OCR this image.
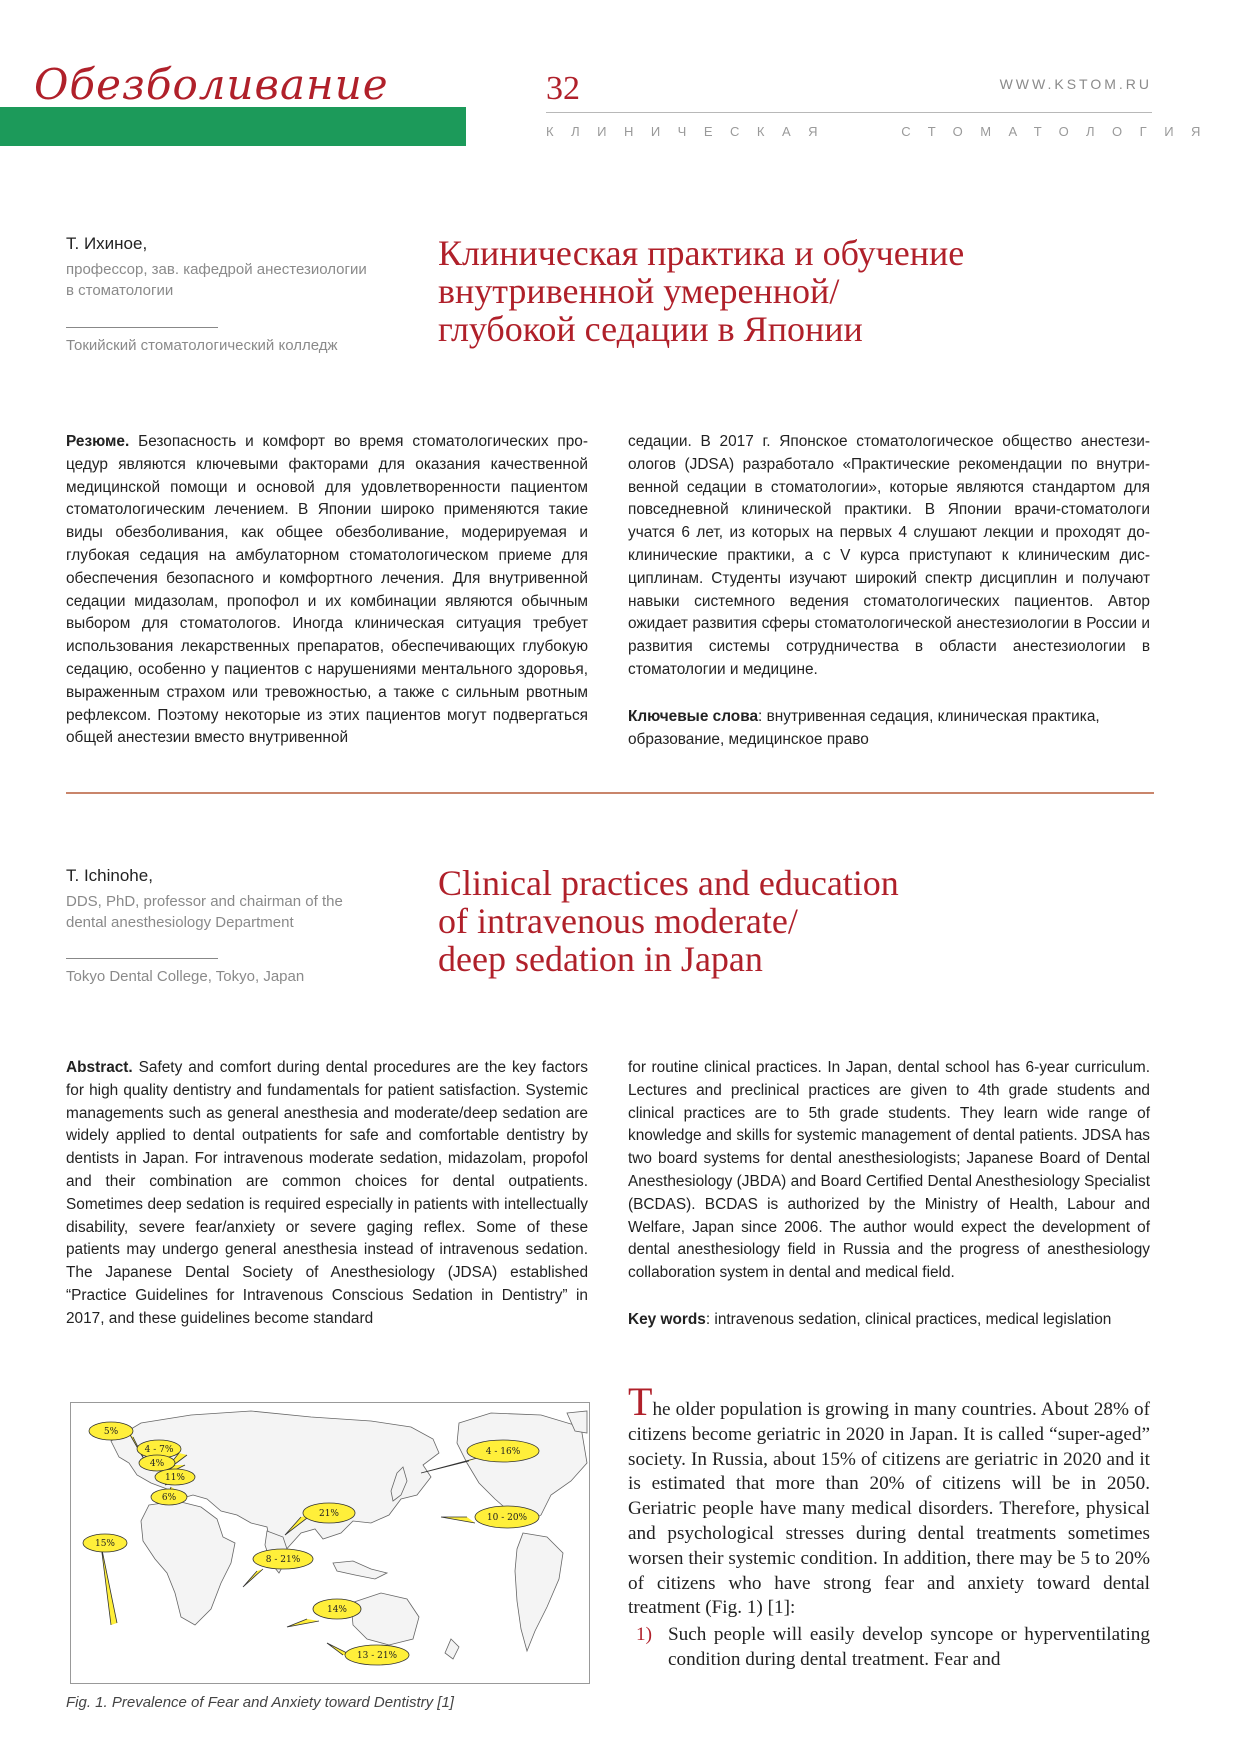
Обезболивание	32	WWW.KSTOM.RU
КЛИНИЧЕСКАЯ	СТОМАТОЛОГИЯ
Т. Ихиное,
профессор, зав. кафедрой анестезиологии
в стоматологии
Токийский стоматологический колледж
Клиническая практика и обучение
внутривенной умеренной/
глубокой седации в Японии
Резюме. Безопасность и комфорт во время стоматологических процедур являются ключевыми факторами для оказания качественной медицинской помощи и основой для удовлетворенности пациентом стоматологическим лечением. В Японии широко применяются такие виды обезболивания, как общее обезболивание, модерируемая и глубокая седация на амбулаторном стоматологическом приеме для обеспечения безопасного и комфортного лечения. Для внутривенной седации мидазолам, пропофол и их комбинации являются обычным выбором для стоматологов. Иногда клиническая ситуация требует использования лекарственных препаратов, обеспечивающих глубокую седацию, особенно у пациентов с нарушениями ментального здоровья, выраженным страхом или тревожностью, а также с сильным рвотным рефлексом. Поэтому некоторые из этих пациентов могут подвергаться общей анестезии вместо внутривенной
седации. В 2017 г. Японское стоматологическое общество анестезиологов (JDSA) разработало «Практические рекомендации по внутривенной седации в стоматологии», которые являются стандартом для повседневной клинической практики. В Японии врачи-стоматологи учатся 6 лет, из которых на первых 4 слушают лекции и проходят доклинические практики, а с V курса приступают к клиническим дисциплинам. Студенты изучают широкий спектр дисциплин и получают навыки системного ведения стоматологических пациентов. Автор ожидает развития сферы стоматологической анестезиологии в России и развития системы сотрудничества в области анестезиологии в стоматологии и медицине.
Ключевые слова: внутривенная седация, клиническая практика, образование, медицинское право
T. Ichinohe,
DDS, PhD, professor and chairman of the
dental anesthesiology Department
Tokyo Dental College, Tokyo, Japan
Clinical practices and education
of intravenous moderate/
deep sedation in Japan
Abstract. Safety and comfort during dental procedures are the key factors for high quality dentistry and fundamentals for patient satisfaction. Systemic managements such as general anesthesia and moderate/deep sedation are widely applied to dental outpatients for safe and comfortable dentistry by dentists in Japan. For intravenous moderate sedation, midazolam, propofol and their combination are common choices for dental outpatients. Sometimes deep sedation is required especially in patients with intellectually disability, severe fear/anxiety or severe gaging reflex. Some of these patients may undergo general anesthesia instead of intravenous sedation. The Japanese Dental Society of Anesthesiology (JDSA) established “Practice Guidelines for Intravenous Conscious Sedation in Dentistry” in 2017, and these guidelines become standard
for routine clinical practices. In Japan, dental school has 6-year curriculum. Lectures and preclinical practices are given to 4th grade students and clinical practices are to 5th grade students. They learn wide range of knowledge and skills for systemic management of dental patients. JDSA has two board systems for dental anesthesiologists; Japanese Board of Dental Anesthesiology (JBDA) and Board Certified Dental Anesthesiology Specialist (BCDAS). BCDAS is authorized by the Ministry of Health, Labour and Welfare, Japan since 2006. The author would expect the development of dental anesthesiology field in Russia and the progress of anesthesiology collaboration system in dental and medical field.
Key words: intravenous sedation, clinical practices, medical legislation
5%
4 - 7%
4%
11%
6%
15%
21%
8 - 21%
14%
13 - 21%
4 - 16%
10 - 20%
Fig. 1. Prevalence of Fear and Anxiety toward Dentistry [1]
The older population is growing in many countries. About 28% of citizens become geriatric in 2020 in Japan. It is called “super-aged” society. In Russia, about 15% of citizens are geriatric in 2020 and it is estimated that more than 20% of citizens will be in 2050. Geriatric people have many medical disorders. Therefore, physical and psychological stresses during dental treatments sometimes worsen their systemic condition. In addition, there may be 5 to 20% of citizens who have strong fear and anxiety toward dental treatment (Fig. 1) [1]:
1) Such people will easily develop syncope or hyperventilating condition during dental treatment. Fear and
